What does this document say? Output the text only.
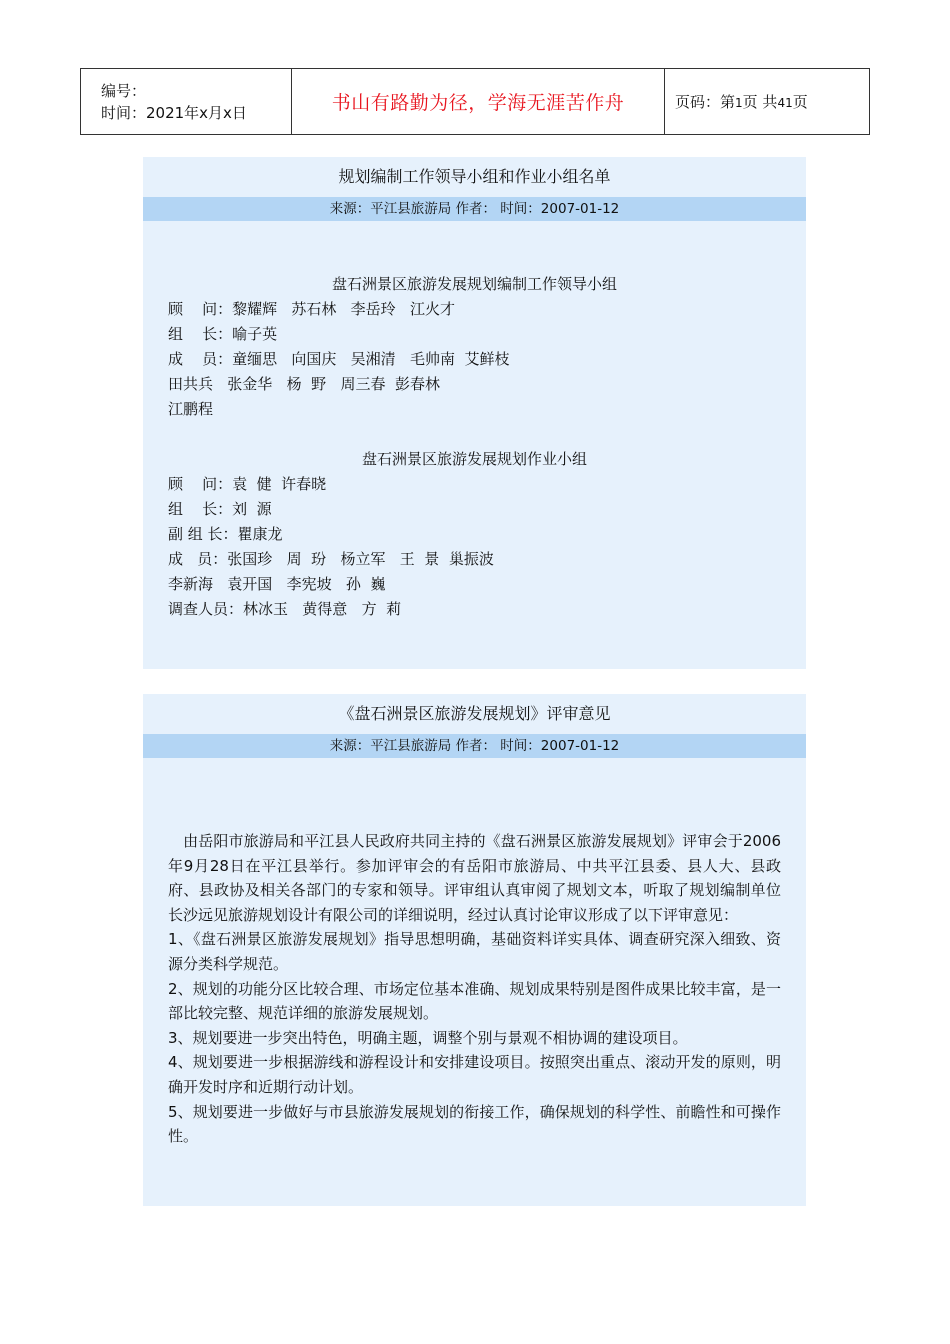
编号：
时间：2021年x月x日	书山有路勤为径，学海无涯苦作舟	页码：第1页 共41页
规划编制工作领导小组和作业小组名单
来源：平江县旅游局 作者： 时间：2007-01-12
盘石洲景区旅游发展规划编制工作领导小组
顾    问：黎耀辉   苏石林   李岳玲   江火才
组    长：喻子英
成    员：童缅思   向国庆   吴湘清   毛帅南  艾鲜枝
田共兵   张金华   杨  野   周三春  彭春林
江鹏程
盘石洲景区旅游发展规划作业小组
顾    问：袁  健  许春晓
组    长：刘  源
副 组 长：瞿康龙
成   员：张国珍   周  玢   杨立军   王  景  巢振波
李新海   袁开国   李宪坡   孙  巍
调查人员：林冰玉   黄得意   方  莉
《盘石洲景区旅游发展规划》评审意见
来源：平江县旅游局 作者： 时间：2007-01-12

　由岳阳市旅游局和平江县人民政府共同主持的《盘石洲景区旅游发展规划》评审会于2006年9月28日在平江县举行。参加评审会的有岳阳市旅游局、中共平江县委、县人大、县政府、县政协及相关各部门的专家和领导。评审组认真审阅了规划文本，听取了规划编制单位长沙远见旅游规划设计有限公司的详细说明，经过认真讨论审议形成了以下评审意见：

1、《盘石洲景区旅游发展规划》指导思想明确，基础资料详实具体、调查研究深入细致、资源分类科学规范。

2、规划的功能分区比较合理、市场定位基本准确、规划成果特别是图件成果比较丰富，是一部比较完整、规范详细的旅游发展规划。

3、规划要进一步突出特色，明确主题，调整个别与景观不相协调的建设项目。

4、规划要进一步根据游线和游程设计和安排建设项目。按照突出重点、滚动开发的原则，明确开发时序和近期行动计划。

5、规划要进一步做好与市县旅游发展规划的衔接工作，确保规划的科学性、前瞻性和可操作性。
